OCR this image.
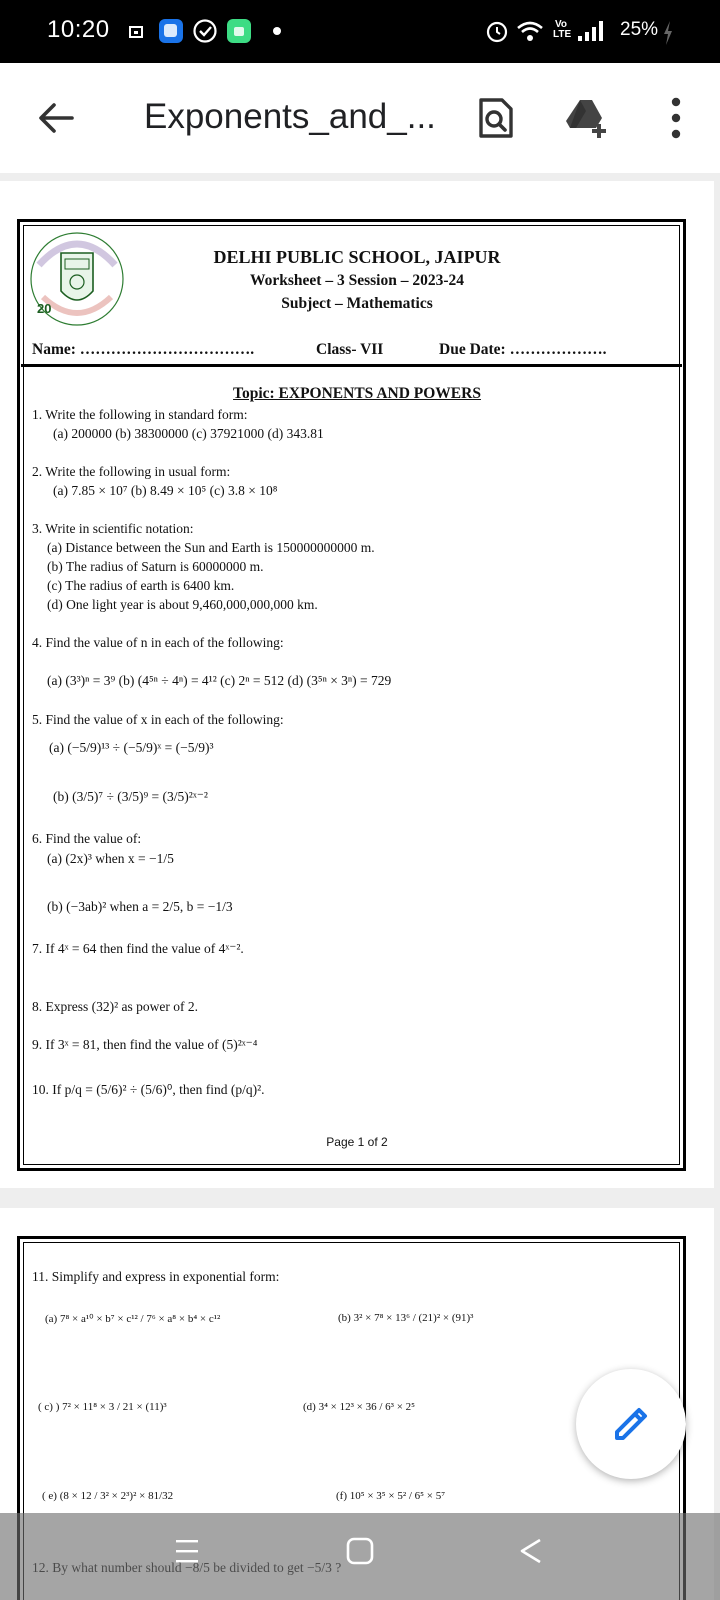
10:20	Vo LTE	25%
Exponents_and_...
20
DELHI PUBLIC SCHOOL, JAIPUR
Worksheet – 3 Session – 2023-24
Subject – Mathematics
Name: …………………………….	Class- VII	Due Date: ……………….
Topic: EXPONENTS AND POWERS
1. Write the following in standard form:
(a) 200000 (b) 38300000 (c) 37921000 (d) 343.81
2. Write the following in usual form:
(a) 7.85 × 10⁷ (b) 8.49 × 10⁵ (c) 3.8 × 10⁸
3. Write in scientific notation:
(a) Distance between the Sun and Earth is 150000000000 m.
(b) The radius of Saturn is 60000000 m.
(c) The radius of earth is 6400 km.
(d) One light year is about 9,460,000,000,000 km.
4. Find the value of n in each of the following:
(a) (3³)ⁿ = 3⁹ (b) (4⁵ⁿ ÷ 4ⁿ) = 4¹² (c) 2ⁿ = 512 (d) (3⁵ⁿ × 3ⁿ) = 729
5. Find the value of x in each of the following:
(a) (−5/9)¹³ ÷ (−5/9)ˣ = (−5/9)³
(b) (3/5)⁷ ÷ (3/5)⁹ = (3/5)²ˣ⁻²
6. Find the value of:
(a) (2x)³ when x = −1/5
(b) (−3ab)² when a = 2/5, b = −1/3
7. If 4ˣ = 64 then find the value of 4ˣ⁻².
8. Express (32)² as power of 2.
9. If 3ˣ = 81, then find the value of (5)²ˣ⁻⁴
10. If p/q = (5/6)² ÷ (5/6)⁰, then find (p/q)².
Page 1 of 2
11. Simplify and express in exponential form:
(a) 7⁸ × a¹⁰ × b⁷ × c¹² / 7⁶ × a⁸ × b⁴ × c¹²	(b) 3² × 7⁸ × 13⁶ / (21)² × (91)³
( c) ) 7² × 11⁸ × 3 / 21 × (11)³	(d) 3⁴ × 12³ × 36 / 6³ × 2⁵
( e) (8 × 12 / 3² × 2³)² × 81/32	(f) 10⁵ × 3⁵ × 5² / 6⁵ × 5⁷
